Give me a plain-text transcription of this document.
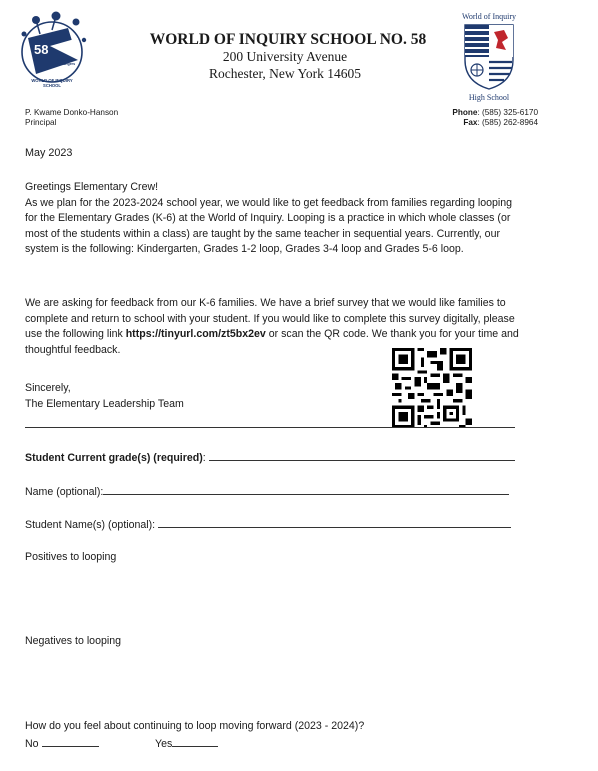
58
Crew Not Passengers
WORLD OF INQUIRY SCHOOL
WORLD OF INQUIRY SCHOOL NO. 58
200 University Avenue
Rochester, New York 14605
World of Inquiry
High School
P. Kwame Donko-Hanson
Principal
Phone: (585) 325-6170
Fax: (585) 262-8964
May 2023
Greetings Elementary Crew!
As we plan for the 2023-2024 school year, we would like to get feedback from families regarding looping for the Elementary Grades (K-6) at the World of Inquiry. Looping is a practice in which whole classes (or most of the students within a class) are taught by the same teacher in sequential years. Currently, our system is the following: Kindergarten, Grades 1-2 loop, Grades 3-4 loop and Grades 5-6 loop.
We are asking for feedback from our K-6 families. We have a brief survey that we would like families to complete and return to school with your student. If you would like to complete this survey digitally, please use the following link https://tinyurl.com/zt5bx2ev or scan the QR code. We thank you for your time and thoughtful feedback.
Sincerely,
The Elementary Leadership Team
Student Current grade(s) (required):
Name (optional):
Student Name(s) (optional):
Positives to looping
Negatives to looping
How do you feel about continuing to loop moving forward (2023 - 2024)?
No	Yes
